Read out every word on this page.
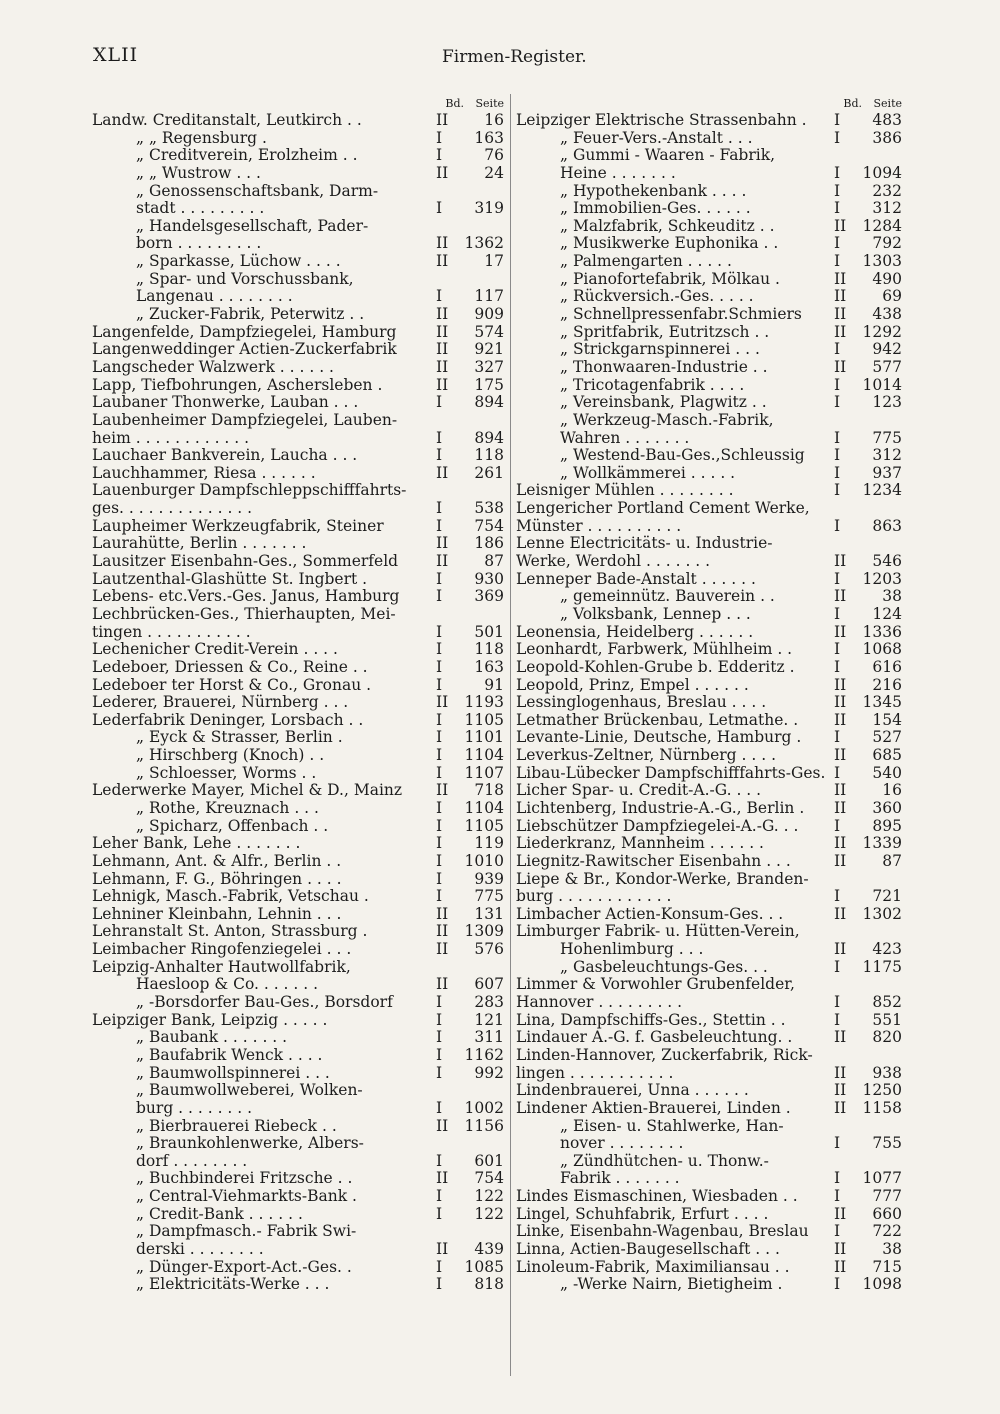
XLII	Firmen-Register.
Bd. Seite
Landw. Creditanstalt, Leutkirch . .	II	16
„ „ Regensburg .	I	163
„ Creditverein, Erolzheim . .	I	76
„ „ Wustrow . . .	II	24
„ Genossenschaftsbank, Darm-
stadt . . . . . . . . .	I	319
„ Handelsgesellschaft, Pader-
born . . . . . . . . .	II	1362
„ Sparkasse, Lüchow . . . .	II	17
„ Spar- und Vorschussbank,
Langenau . . . . . . . .	I	117
„ Zucker-Fabrik, Peterwitz . .	II	909
Langenfelde, Dampfziegelei, Hamburg	II	574
Langenweddinger Actien-Zuckerfabrik	II	921
Langscheder Walzwerk . . . . . .	II	327
Lapp, Tiefbohrungen, Aschersleben .	II	175
Laubaner Thonwerke, Lauban . . .	I	894
Laubenheimer Dampfziegelei, Lauben-
heim . . . . . . . . . . . .	I	894
Lauchaer Bankverein, Laucha . . .	I	118
Lauchhammer, Riesa . . . . . .	II	261
Lauenburger Dampfschleppschifffahrts-
ges. . . . . . . . . . . . . .	I	538
Laupheimer Werkzeugfabrik, Steiner	I	754
Laurahütte, Berlin . . . . . . .	II	186
Lausitzer Eisenbahn-Ges., Sommerfeld	II	87
Lautzenthal-Glashütte St. Ingbert .	I	930
Lebens- etc.Vers.-Ges. Janus, Hamburg	I	369
Lechbrücken-Ges., Thierhaupten, Mei-
tingen . . . . . . . . . . .	I	501
Lechenicher Credit-Verein . . . .	I	118
Ledeboer, Driessen & Co., Reine . .	I	163
Ledeboer ter Horst & Co., Gronau .	I	91
Lederer, Brauerei, Nürnberg . . .	II	1193
Lederfabrik Deninger, Lorsbach . .	I	1105
„ Eyck & Strasser, Berlin .	I	1101
„ Hirschberg (Knoch) . .	I	1104
„ Schloesser, Worms . .	I	1107
Lederwerke Mayer, Michel & D., Mainz	II	718
„ Rothe, Kreuznach . . .	I	1104
„ Spicharz, Offenbach . .	I	1105
Leher Bank, Lehe . . . . . . .	I	119
Lehmann, Ant. & Alfr., Berlin . .	I	1010
Lehmann, F. G., Böhringen . . . .	I	939
Lehnigk, Masch.-Fabrik, Vetschau .	I	775
Lehniner Kleinbahn, Lehnin . . .	II	131
Lehranstalt St. Anton, Strassburg .	II	1309
Leimbacher Ringofenziegelei . . .	II	576
Leipzig-Anhalter Hautwollfabrik,
Haesloop & Co. . . . . . .	II	607
„ -Borsdorfer Bau-Ges., Borsdorf	I	283
Leipziger Bank, Leipzig . . . . .	I	121
„ Baubank . . . . . . .	I	311
„ Baufabrik Wenck . . . .	I	1162
„ Baumwollspinnerei . . .	I	992
„ Baumwollweberei, Wolken-
burg . . . . . . . .	I	1002
„ Bierbrauerei Riebeck . .	II	1156
„ Braunkohlenwerke, Albers-
dorf . . . . . . . .	I	601
„ Buchbinderei Fritzsche . .	II	754
„ Central-Viehmarkts-Bank .	I	122
„ Credit-Bank . . . . . .	I	122
„ Dampfmasch.- Fabrik Swi-
derski . . . . . . . .	II	439
„ Dünger-Export-Act.-Ges. .	I	1085
„ Elektricitäts-Werke . . .	I	818
Bd. Seite
Leipziger Elektrische Strassenbahn .	I	483
„ Feuer-Vers.-Anstalt . . .	I	386
„ Gummi - Waaren - Fabrik,
Heine . . . . . . .	I	1094
„ Hypothekenbank . . . .	I	232
„ Immobilien-Ges. . . . . .	I	312
„ Malzfabrik, Schkeuditz . .	II	1284
„ Musikwerke Euphonika . .	I	792
„ Palmengarten . . . . .	I	1303
„ Pianofortefabrik, Mölkau .	II	490
„ Rückversich.-Ges. . . . .	II	69
„ Schnellpressenfabr.Schmiers	II	438
„ Spritfabrik, Eutritzsch . .	II	1292
„ Strickgarnspinnerei . . .	I	942
„ Thonwaaren-Industrie . .	II	577
„ Tricotagenfabrik . . . .	I	1014
„ Vereinsbank, Plagwitz . .	I	123
„ Werkzeug-Masch.-Fabrik,
Wahren . . . . . . .	I	775
„ Westend-Bau-Ges.,Schleussig	I	312
„ Wollkämmerei . . . . .	I	937
Leisniger Mühlen . . . . . . . .	I	1234
Lengericher Portland Cement Werke,
Münster . . . . . . . . . .	I	863
Lenne Electricitäts- u. Industrie-
Werke, Werdohl . . . . . . .	II	546
Lenneper Bade-Anstalt . . . . . .	I	1203
„ gemeinnütz. Bauverein . .	II	38
„ Volksbank, Lennep . . .	I	124
Leonensia, Heidelberg . . . . . .	II	1336
Leonhardt, Farbwerk, Mühlheim . .	I	1068
Leopold-Kohlen-Grube b. Edderitz .	I	616
Leopold, Prinz, Empel . . . . . .	II	216
Lessinglogenhaus, Breslau . . . .	II	1345
Letmather Brückenbau, Letmathe. .	II	154
Levante-Linie, Deutsche, Hamburg .	I	527
Leverkus-Zeltner, Nürnberg . . . .	II	685
Libau-Lübecker Dampfschifffahrts-Ges. I	540
Licher Spar- u. Credit-A.-G. . . .	II	16
Lichtenberg, Industrie-A.-G., Berlin .	II	360
Liebschützer Dampfziegelei-A.-G. . .	I	895
Liederkranz, Mannheim . . . . . .	II	1339
Liegnitz-Rawitscher Eisenbahn . . .	II	87
Liepe & Br., Kondor-Werke, Branden-
burg . . . . . . . . . . . .	I	721
Limbacher Actien-Konsum-Ges. . .	II	1302
Limburger Fabrik- u. Hütten-Verein,
Hohenlimburg . . .	II	423
„ Gasbeleuchtungs-Ges. . .	I	1175
Limmer & Vorwohler Grubenfelder,
Hannover . . . . . . . . .	I	852
Lina, Dampfschiffs-Ges., Stettin . .	I	551
Lindauer A.-G. f. Gasbeleuchtung. .	II	820
Linden-Hannover, Zuckerfabrik, Rick-
lingen . . . . . . . . . . .	II	938
Lindenbrauerei, Unna . . . . . .	II	1250
Lindener Aktien-Brauerei, Linden .	II	1158
„ Eisen- u. Stahlwerke, Han-
nover . . . . . . . .	I	755
„ Zündhütchen- u. Thonw.-
Fabrik . . . . . . .	I	1077
Lindes Eismaschinen, Wiesbaden . .	I	777
Lingel, Schuhfabrik, Erfurt . . . .	II	660
Linke, Eisenbahn-Wagenbau, Breslau	I	722
Linna, Actien-Baugesellschaft . . .	II	38
Linoleum-Fabrik, Maximiliansau . .	II	715
„ -Werke Nairn, Bietigheim .	I	1098
